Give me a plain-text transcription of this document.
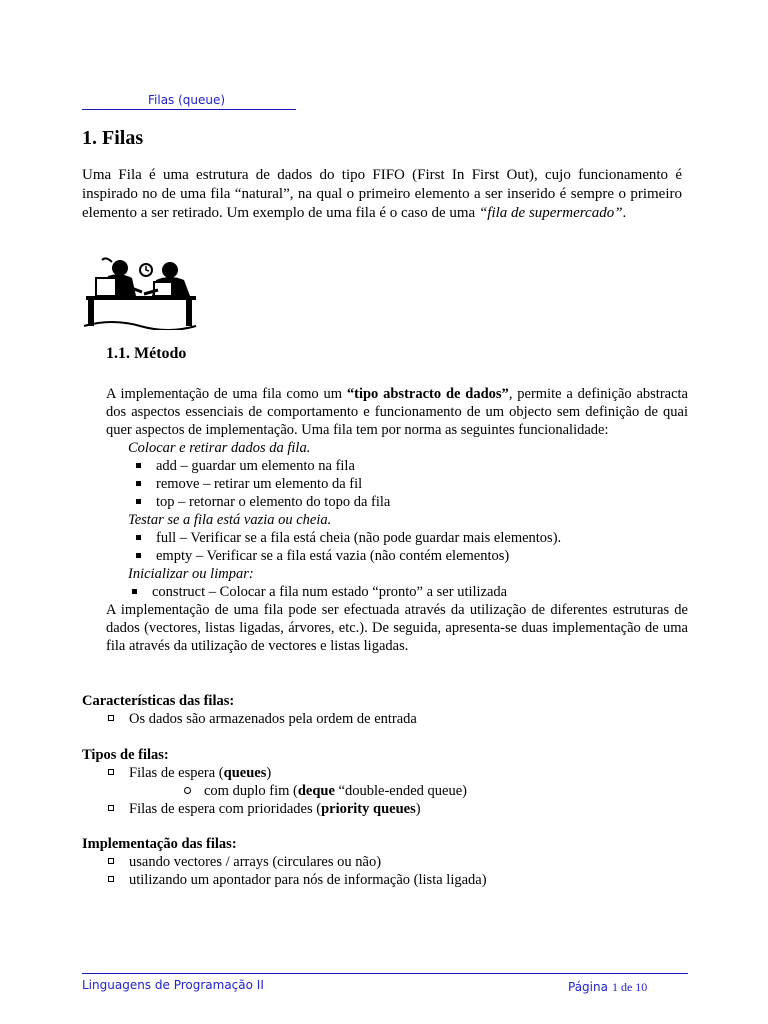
Filas (queue)
1. Filas

Uma Fila é uma estrutura de dados do tipo FIFO (First In First Out), cujo funcionamento é inspirado no de uma fila “natural”, na qual o primeiro elemento a ser inserido é sempre o primeiro elemento a ser retirado. Um exemplo de uma fila é o caso de uma “fila de supermercado”.

1.1. Método

A implementação de uma fila como um “tipo abstracto de dados”, permite a definição abstracta dos aspectos essenciais de comportamento e funcionamento de um objecto sem definição de quai quer aspectos de implementação. Uma fila tem por norma as seguintes funcionalidade:

Colocar e retirar dados da fila.
add – guardar um elemento na fila
remove – retirar um elemento da fil
top – retornar o elemento do topo da fila
Testar se a fila está vazia ou cheia.
full – Verificar se a fila está cheia (não pode guardar mais elementos).
empty – Verificar se a fila está vazia (não contém elementos)
Inicializar ou limpar:
construct – Colocar a fila num estado “pronto” a ser utilizada

A implementação de uma fila pode ser efectuada através da utilização de diferentes estruturas de dados (vectores, listas ligadas, árvores, etc.). De seguida, apresenta-se duas implementação de uma fila através da utilização de vectores e listas ligadas.

Características das filas:

Os dados são armazenados pela ordem de entrada

Tipos de filas:

Filas de espera (queues)
com duplo fim (deque “double-ended queue)
Filas de espera com prioridades (priority queues)

Implementação das filas:

usando vectores / arrays (circulares ou não)
utilizando um apontador para nós de informação (lista ligada)
Linguagens de Programação II	Página 1 de 10
